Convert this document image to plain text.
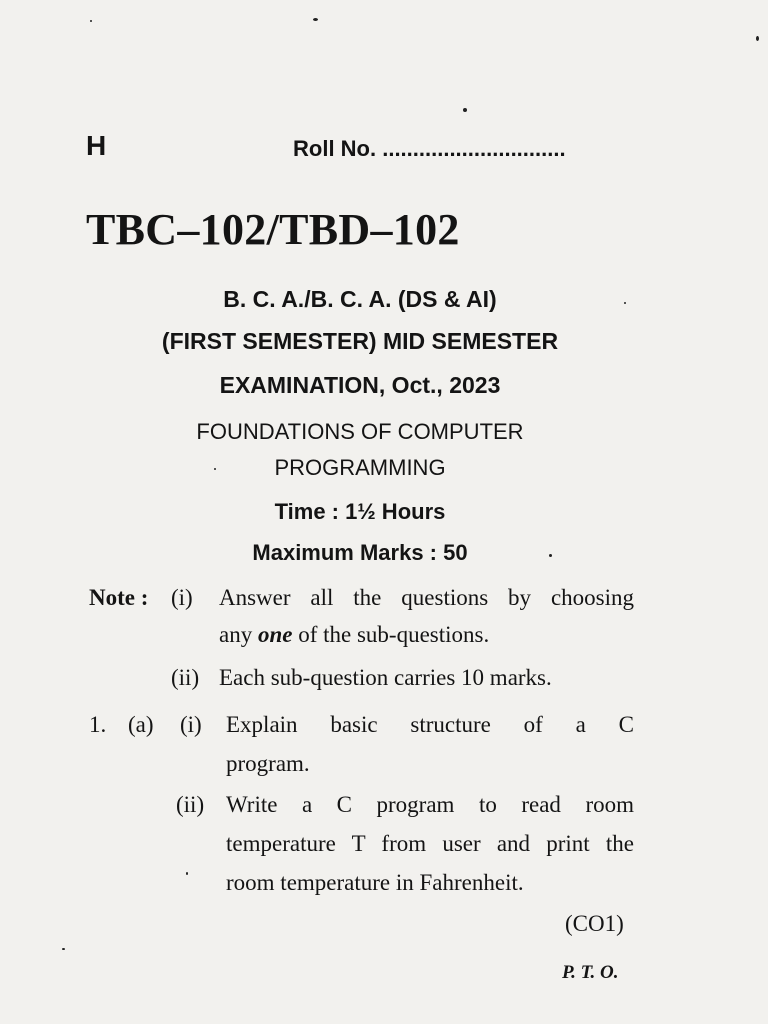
H	Roll No. ..............................
TBC–102/TBD–102
B. C. A./B. C. A. (DS & AI)
(FIRST SEMESTER) MID SEMESTER
EXAMINATION, Oct., 2023
FOUNDATIONS OF COMPUTER
PROGRAMMING
Time : 1½ Hours
Maximum Marks : 50
Note : (i) Answer all the questions by choosing
any one of the sub-questions.
(ii) Each sub-question carries 10 marks.
1. (a) (i) Explain basic structure of a C
program.
(ii) Write a C program to read room
temperature T from user and print the
room temperature in Fahrenheit.
(CO1)
P. T. O.
